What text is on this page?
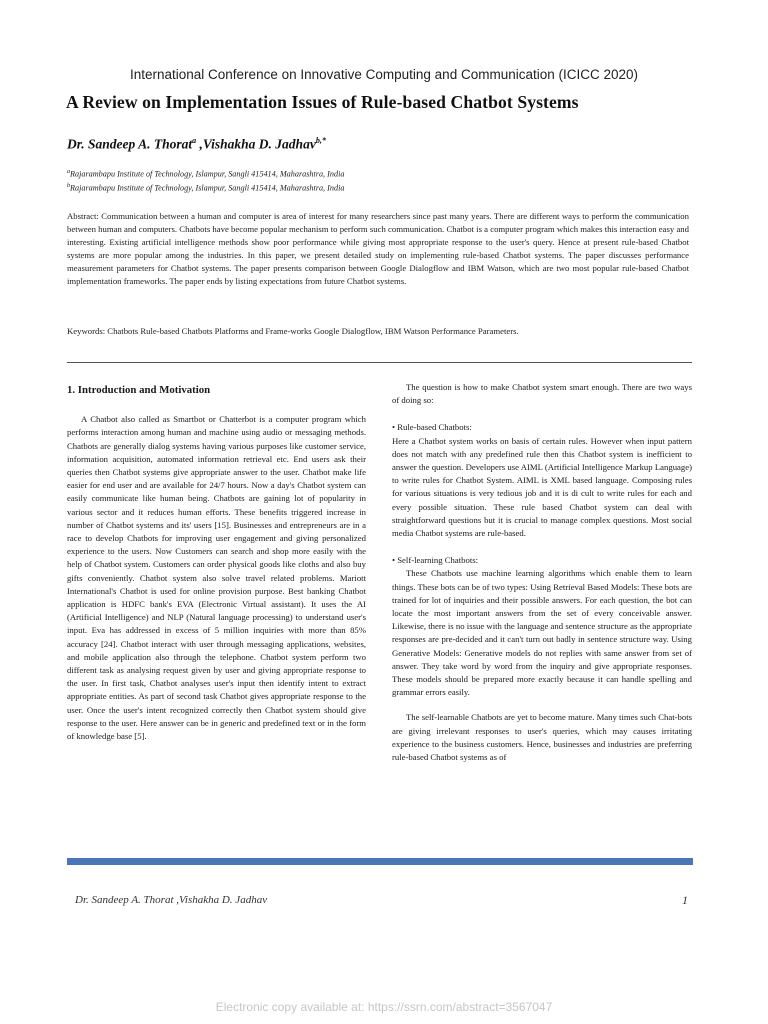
International Conference on Innovative Computing and Communication (ICICC 2020)
A Review on Implementation Issues of Rule-based Chatbot Systems
Dr. Sandeep A. Thorat$^a$ ,Vishakha D. Jadhav$^{b,*}$
$^a$Rajarambapu Institute of Technology, Islampur, Sangli 415414, Maharashtra, India
$^b$Rajarambapu Institute of Technology, Islampur, Sangli 415414, Maharashtra, India

Abstract: Communication between a human and computer is area of interest for many researchers since past many years. There are different ways to perform the communication between human and computers. Chatbots have become popular mechanism to perform such communication. Chatbot is a computer program which makes this interaction easy and interesting. Existing artificial intelligence methods show poor performance while giving most appropriate response to the user's query. Hence at present rule-based Chatbot systems are more popular among the industries. In this paper, we present detailed study on implementing rule-based Chatbot systems. The paper discusses performance measurement parameters for Chatbot systems. The paper presents comparison between Google Dialogflow and IBM Watson, which are two most popular rule-based Chatbot implementation frameworks. The paper ends by listing expectations from future Chatbot systems.

Keywords: Chatbots Rule-based Chatbots Platforms and Frame-works Google Dialogflow, IBM Watson Performance Parameters.

1. Introduction and Motivation

A Chatbot also called as Smartbot or Chatterbot is a computer program which performs interaction among human and machine using audio or messaging methods. Chatbots are generally dialog systems having various purposes like customer service, information acquisition, automated information retrieval etc. End users ask their queries then Chatbot systems give appropriate answer to the user. Chatbot make life easier for end user and are available for 24/7 hours. Now a day's Chatbot system can easily communicate like human being. Chatbots are gaining lot of popularity in various sector and it reduces human efforts. These benefits triggered increase in number of Chatbot systems and its' users [15]. Businesses and entrepreneurs are in a race to develop Chatbots for improving user engagement and giving personalized experience to the users. Now Customers can search and shop more easily with the help of Chatbot system. Customers can order physical goods like cloths and also buy gifts conveniently. Chatbot system also solve travel related problems. Mariott International's Chatbot is used for online provision purpose. Best banking Chatbot application is HDFC bank's EVA (Electronic Virtual assistant). It uses the AI (Artificial Intelligence) and NLP (Natural language processing) to understand user's input. Eva has addressed in excess of 5 million inquiries with more than 85% accuracy [24]. Chatbot interact with user through messaging applications, websites, and mobile application also through the telephone. Chatbot system perform two different task as analysing request given by user and giving appropriate response to the user. In first task, Chatbot analyses user's input then identify intent to extract appropriate entities. As part of second task Chatbot gives appropriate response to the user. Once the user's intent recognized correctly then Chatbot system should give response to the user. Here answer can be in generic and predefined text or in the form of knowledge base [5].

The question is how to make Chatbot system smart enough. There are two ways of doing so:

• Rule-based Chatbots:

Here a Chatbot system works on basis of certain rules. However when input pattern does not match with any predefined rule then this Chatbot system is inefficient to answer the question. Developers use AIML (Artificial Intelligence Markup Language) to write rules for Chatbot System. AIML is XML based language. Composing rules for various situations is very tedious job and it is di cult to write rules for each and every possible situation. These rule based Chatbot system can deal with straightforward questions but it is crucial to manage complex questions. Most social media Chatbot systems are rule-based.

• Self-learning Chatbots:

These Chatbots use machine learning algorithms which enable them to learn things. These bots can be of two types: Using Retrieval Based Models: These bots are trained for lot of inquiries and their possible answers. For each question, the bot can locate the most important answers from the set of every conceivable answer. Likewise, there is no issue with the language and sentence structure as the appropriate responses are pre-decided and it can't turn out badly in sentence structure way. Using Generative Models: Generative models do not replies with same answer from set of answer. They take word by word from the inquiry and give appropriate responses. These models should be prepared more exactly because it can handle spelling and grammar errors easily.

The self-learnable Chatbots are yet to become mature. Many times such Chat-bots are giving irrelevant responses to user's queries, which may causes irritating experience to the business customers. Hence, businesses and industries are preferring rule-based Chatbot systems as of

Dr. Sandeep A. Thorat ,Vishakha D. Jadhav	1
Electronic copy available at: https://ssrn.com/abstract=3567047
